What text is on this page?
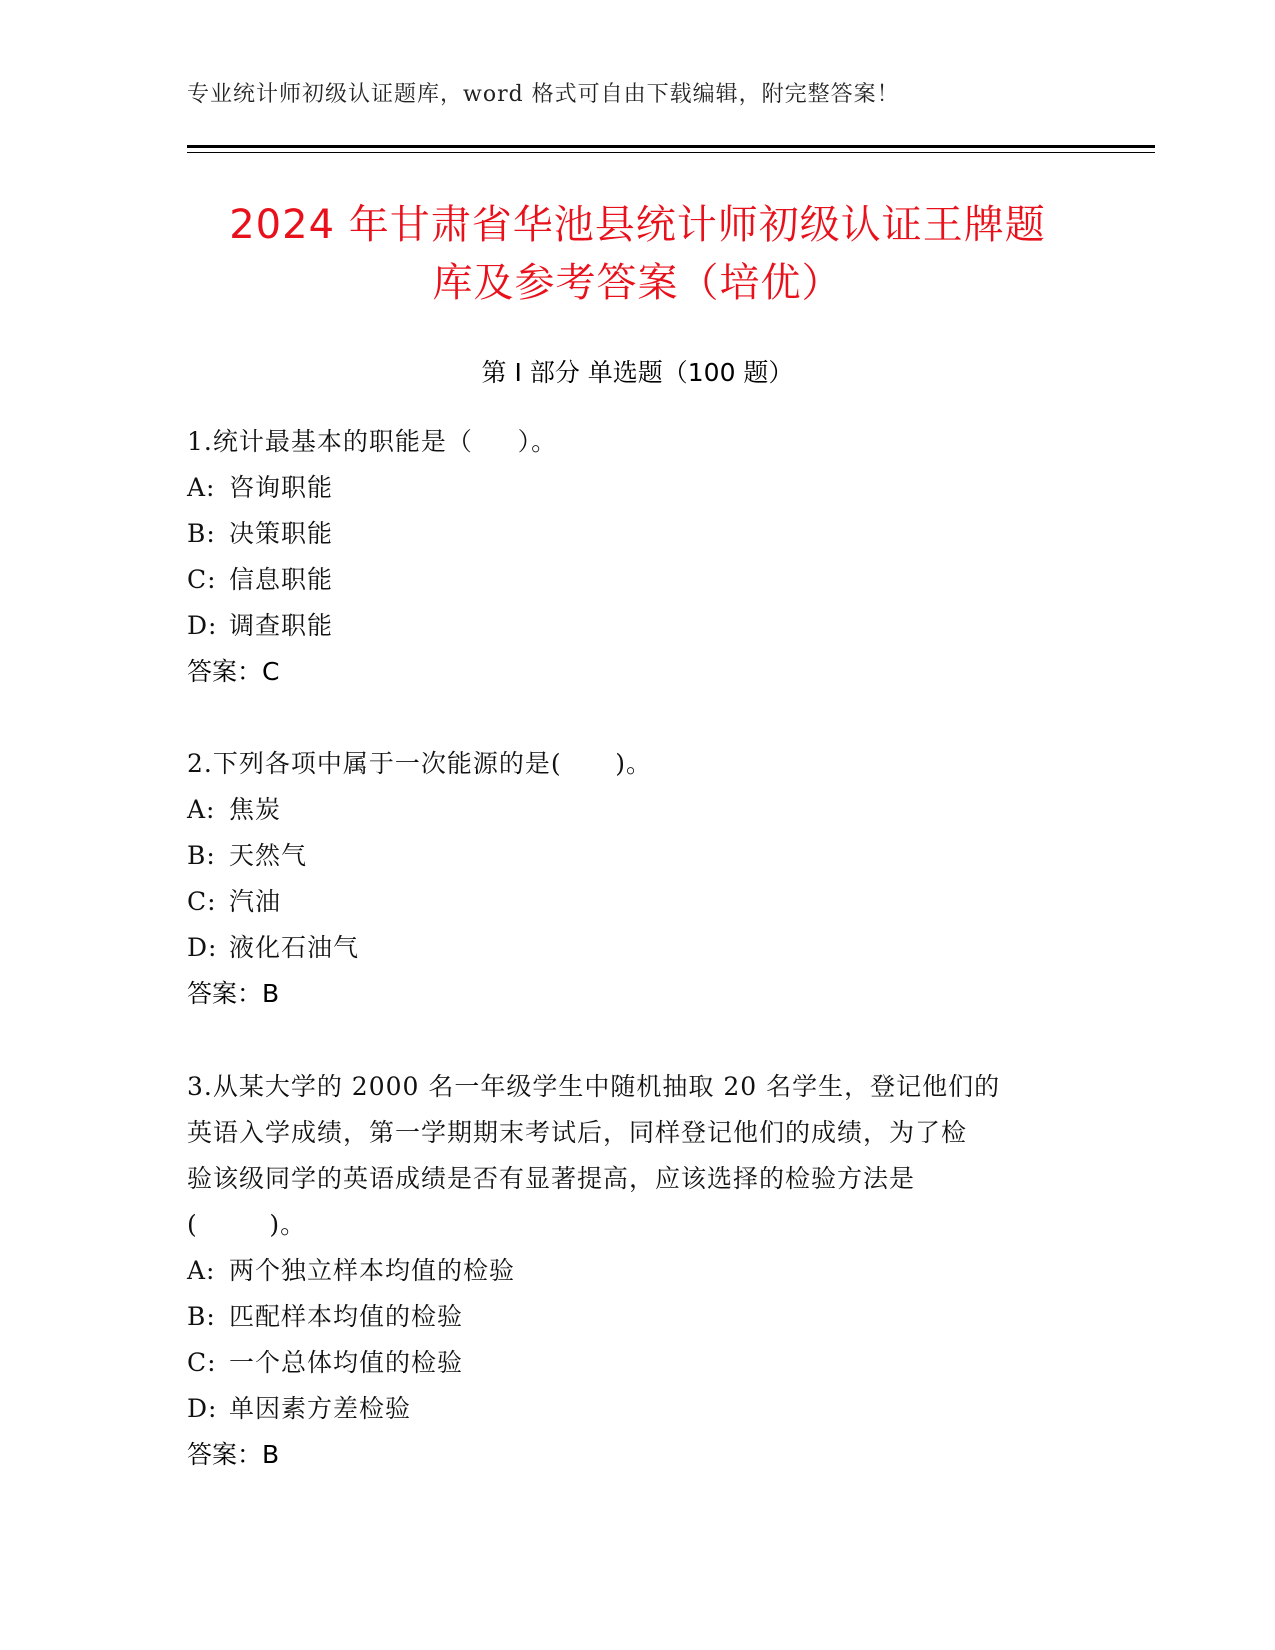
专业统计师初级认证题库，word 格式可自由下载编辑，附完整答案！
2024 年甘肃省华池县统计师初级认证王牌题
库及参考答案（培优）
第 I 部分 单选题（100 题）
1.统计最基本的职能是（     ）。
A: 咨询职能
B: 决策职能
C: 信息职能
D: 调查职能
答案：C
2.下列各项中属于一次能源的是(      )。
A: 焦炭
B: 天然气
C: 汽油
D: 液化石油气
答案：B
3.从某大学的 2000 名一年级学生中随机抽取 20 名学生，登记他们的
英语入学成绩，第一学期期末考试后，同样登记他们的成绩，为了检
验该级同学的英语成绩是否有显著提高，应该选择的检验方法是
(        )。
A: 两个独立样本均值的检验
B: 匹配样本均值的检验
C: 一个总体均值的检验
D: 单因素方差检验
答案：B
